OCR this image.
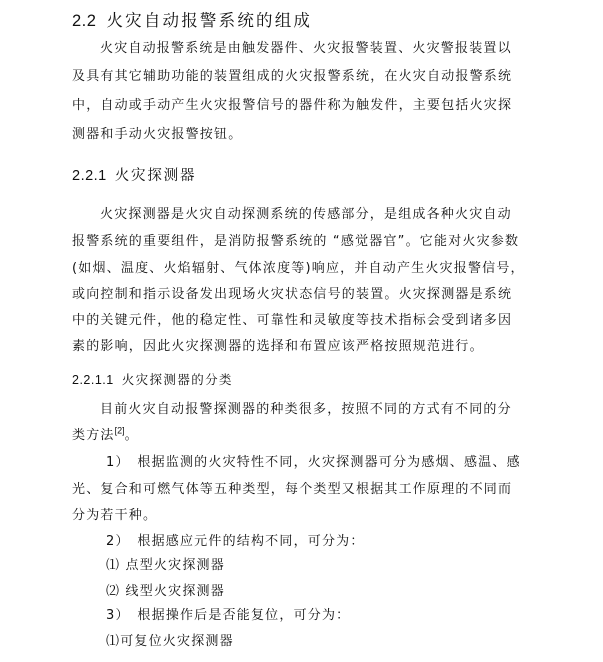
2.2 火灾自动报警系统的组成
火灾自动报警系统是由触发器件、火灾报警装置、火灾警报装置以
及具有其它辅助功能的装置组成的火灾报警系统，在火灾自动报警系统
中，自动或手动产生火灾报警信号的器件称为触发件，主要包括火灾探
测器和手动火灾报警按钮。
2.2.1 火灾探测器
火灾探测器是火灾自动探测系统的传感部分，是组成各种火灾自动
报警系统的重要组件，是消防报警系统的 “感觉器官”。它能对火灾参数
(如烟、温度、火焰辐射、气体浓度等)响应，并自动产生火灾报警信号，
或向控制和指示设备发出现场火灾状态信号的装置。火灾探测器是系统
中的关键元件，他的稳定性、可靠性和灵敏度等技术指标会受到诸多因
素的影响，因此火灾探测器的选择和布置应该严格按照规范进行。
2.2.1.1 火灾探测器的分类
目前火灾自动报警探测器的种类很多，按照不同的方式有不同的分
类方法[2]。
1）　根据监测的火灾特性不同，火灾探测器可分为感烟、感温、感
光、复合和可燃气体等五种类型，每个类型又根据其工作原理的不同而
分为若干种。
2）　根据感应元件的结构不同，可分为：
⑴ 点型火灾探测器
⑵ 线型火灾探测器
3）　根据操作后是否能复位，可分为：
⑴可复位火灾探测器
